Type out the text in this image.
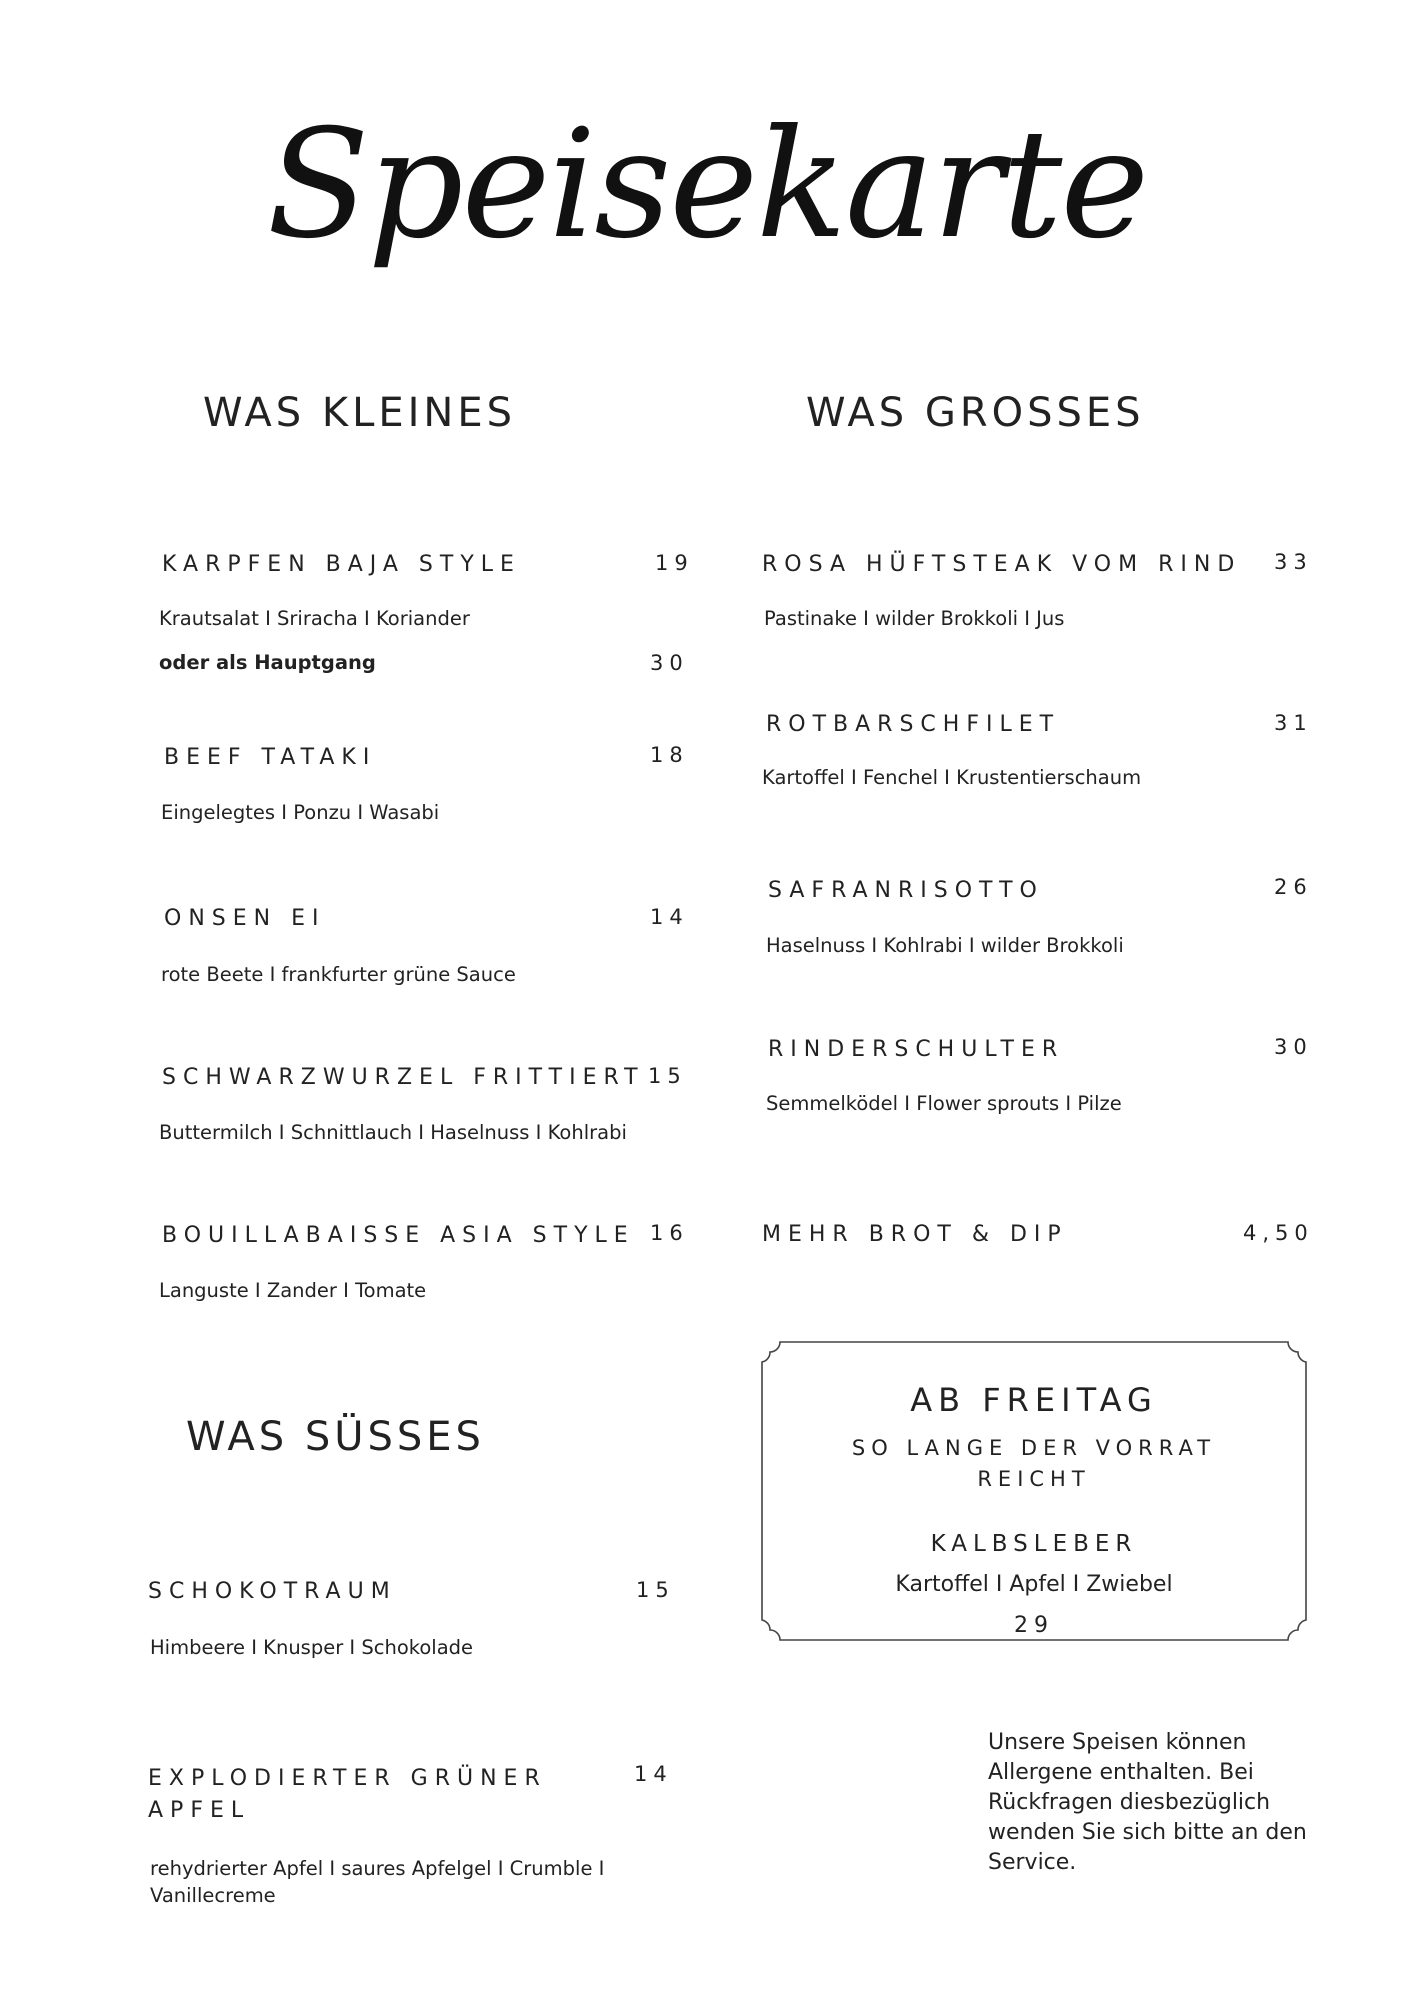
Speisekarte
WAS KLEINES	WAS GROSSES
WAS SÜSSES
KARPFEN BAJA STYLE	19
Krautsalat I Sriracha I Koriander
oder als Hauptgang	30
BEEF TATAKI	18
Eingelegtes I Ponzu I Wasabi
ONSEN EI	14
rote Beete I frankfurter grüne Sauce
SCHWARZWURZEL FRITTIERT 15
Buttermilch I Schnittlauch I Haselnuss I Kohlrabi
BOUILLABAISSE ASIA STYLE 16
Languste I Zander I Tomate
ROSA HÜFTSTEAK VOM RIND 33
Pastinake I wilder Brokkoli I Jus
ROTBARSCHFILET	31
Kartoffel I Fenchel I Krustentierschaum
SAFRANRISOTTO	26
Haselnuss I Kohlrabi I wilder Brokkoli
RINDERSCHULTER	30
Semmelködel I Flower sprouts I Pilze
MEHR BROT & DIP	4,50
SCHOKOTRAUM	15
Himbeere I Knusper I Schokolade
EXPLODIERTER GRÜNER APFEL
14
rehydrierter Apfel I saures Apfelgel I Crumble I Vanillecreme
AB FREITAG
SO LANGE DER VORRAT REICHT
KALBSLEBER
Kartoffel I Apfel I Zwiebel
29
Unsere Speisen können Allergene enthalten. Bei Rückfragen diesbezüglich wenden Sie sich bitte an den Service.
